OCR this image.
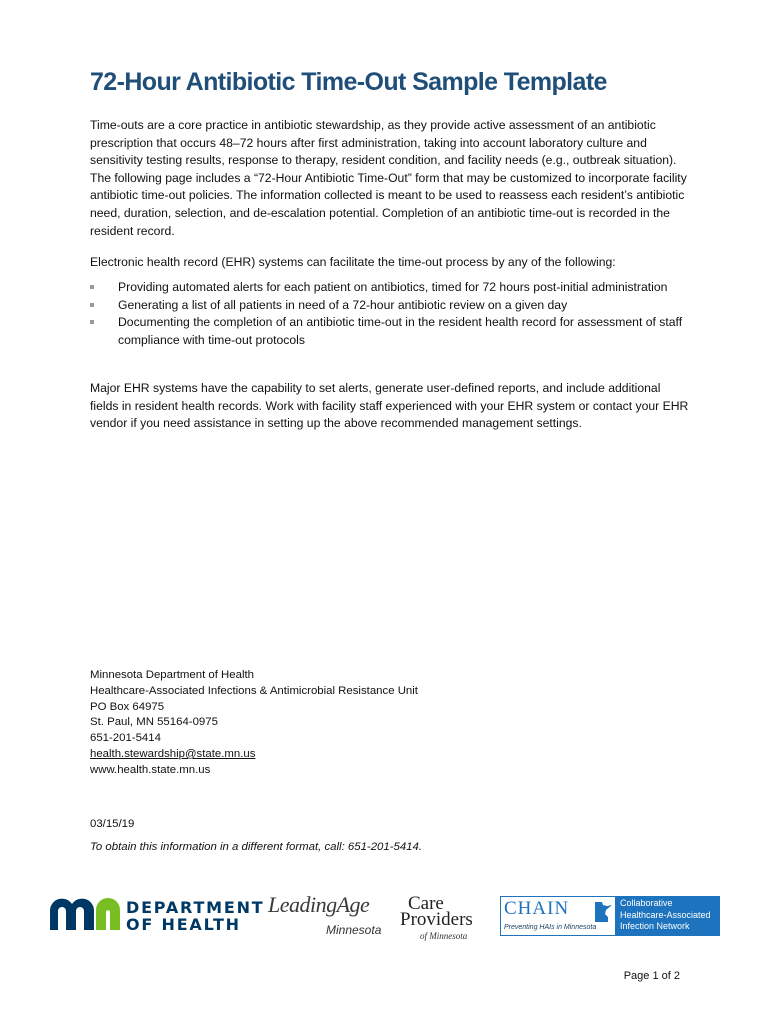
72-Hour Antibiotic Time-Out Sample Template

Time-outs are a core practice in antibiotic stewardship, as they provide active assessment of an antibiotic prescription that occurs 48–72 hours after first administration, taking into account laboratory culture and sensitivity testing results, response to therapy, resident condition, and facility needs (e.g., outbreak situation). The following page includes a “72-Hour Antibiotic Time-Out” form that may be customized to incorporate facility antibiotic time-out policies. The information collected is meant to be used to reassess each resident’s antibiotic need, duration, selection, and de-escalation potential. Completion of an antibiotic time-out is recorded in the resident record.

Electronic health record (EHR) systems can facilitate the time-out process by any of the following:

Providing automated alerts for each patient on antibiotics, timed for 72 hours post-initial administration
Generating a list of all patients in need of a 72-hour antibiotic review on a given day
Documenting the completion of an antibiotic time-out in the resident health record for assessment of staff compliance with time-out protocols

Major EHR systems have the capability to set alerts, generate user-defined reports, and include additional fields in resident health records. Work with facility staff experienced with your EHR system or contact your EHR vendor if you need assistance in setting up the above recommended management settings.

Minnesota Department of Health
Healthcare-Associated Infections & Antimicrobial Resistance Unit
PO Box 64975
St. Paul, MN 55164-0975
651-201-5414
health.stewardship@state.mn.us
www.health.state.mn.us
03/15/19
To obtain this information in a different format, call: 651-201-5414.
DEPARTMENT
OF HEALTH
LeadingAge
Minnesota
Care
Providers
of Minnesota
CHAIN
Preventing HAIs in Minnesota
Collaborative
Healthcare-Associated
Infection Network
Page 1 of 2
